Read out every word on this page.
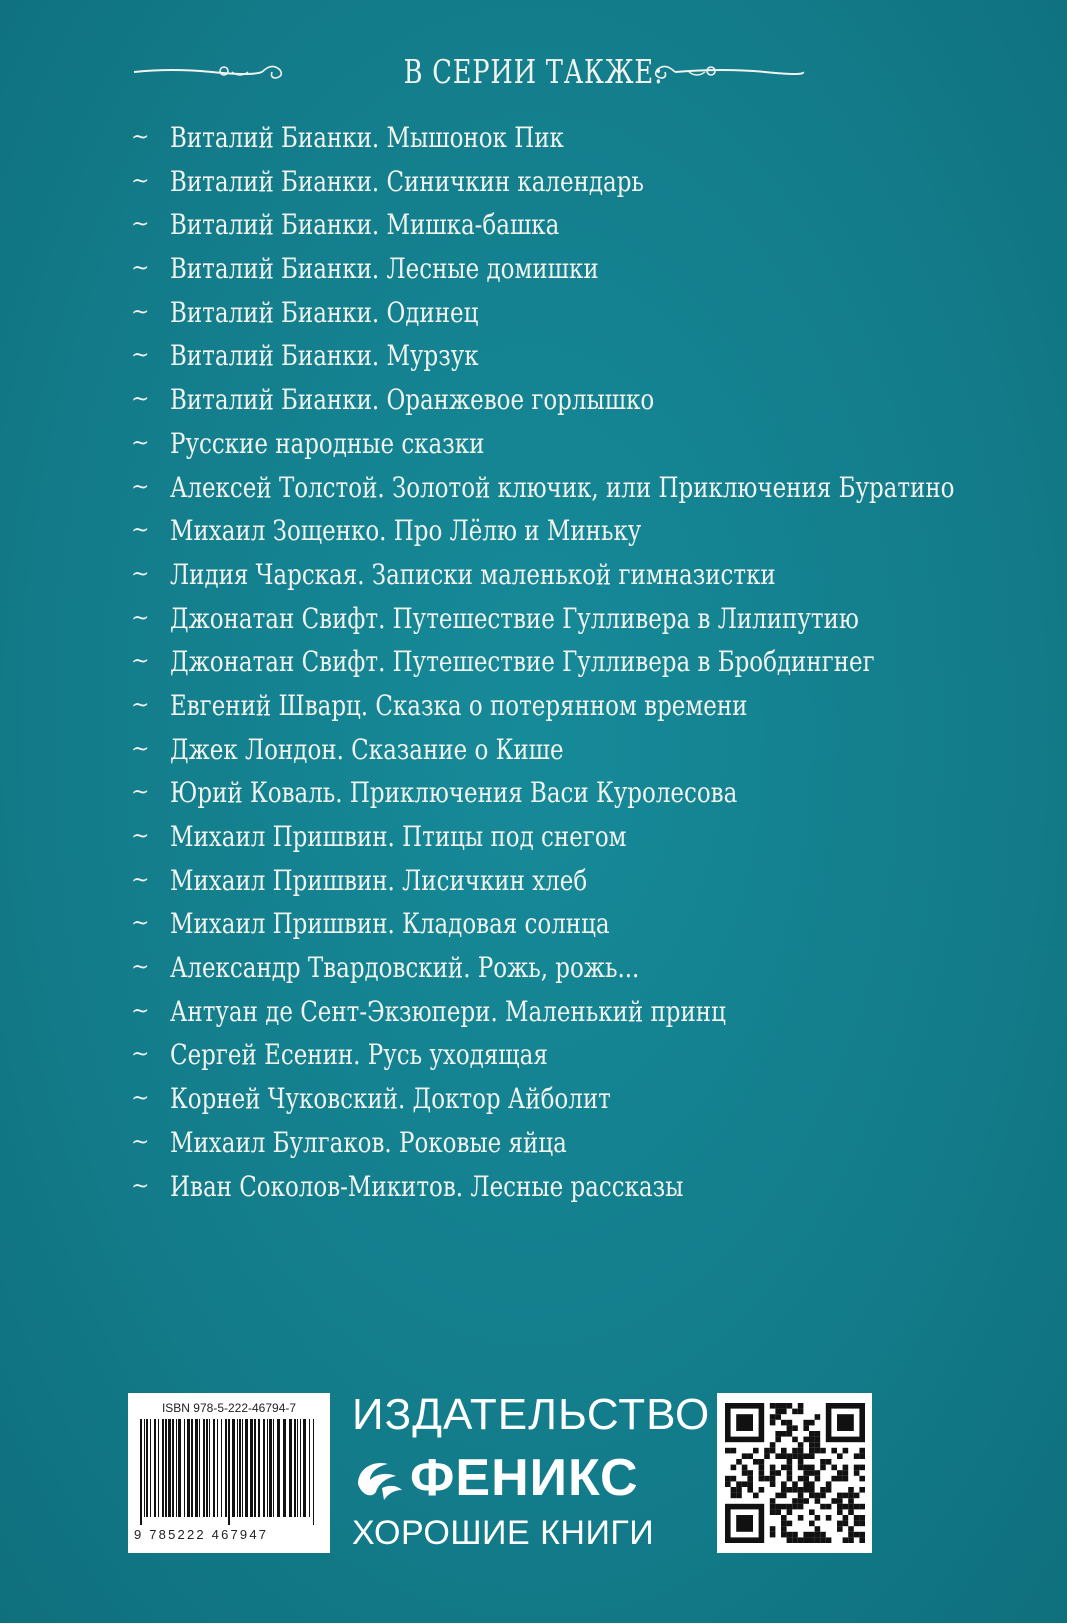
В СЕРИИ ТАКЖЕ:
~ Виталий Бианки. Мышонок Пик
~ Виталий Бианки. Синичкин календарь
~ Виталий Бианки. Мишка-башка
~ Виталий Бианки. Лесные домишки
~ Виталий Бианки. Одинец
~ Виталий Бианки. Мурзук
~ Виталий Бианки. Оранжевое горлышко
~ Русские народные сказки
~ Алексей Толстой. Золотой ключик, или Приключения Буратино
~ Михаил Зощенко. Про Лёлю и Миньку
~ Лидия Чарская. Записки маленькой гимназистки
~ Джонатан Свифт. Путешествие Гулливера в Лилипутию
~ Джонатан Свифт. Путешествие Гулливера в Бробдингнег
~ Евгений Шварц. Сказка о потерянном времени
~ Джек Лондон. Сказание о Кише
~ Юрий Коваль. Приключения Васи Куролесова
~ Михаил Пришвин. Птицы под снегом
~ Михаил Пришвин. Лисичкин хлеб
~ Михаил Пришвин. Кладовая солнца
~ Александр Твардовский. Рожь, рожь...
~ Антуан де Сент-Экзюпери. Маленький принц
~ Сергей Есенин. Русь уходящая
~ Корней Чуковский. Доктор Айболит
~ Михаил Булгаков. Роковые яйца
~ Иван Соколов-Микитов. Лесные рассказы
ISBN 978-5-222-46794-7
9 785222 467947
ИЗДАТЕЛЬСТВО
ФЕНИКС
ХОРОШИЕ КНИГИ
